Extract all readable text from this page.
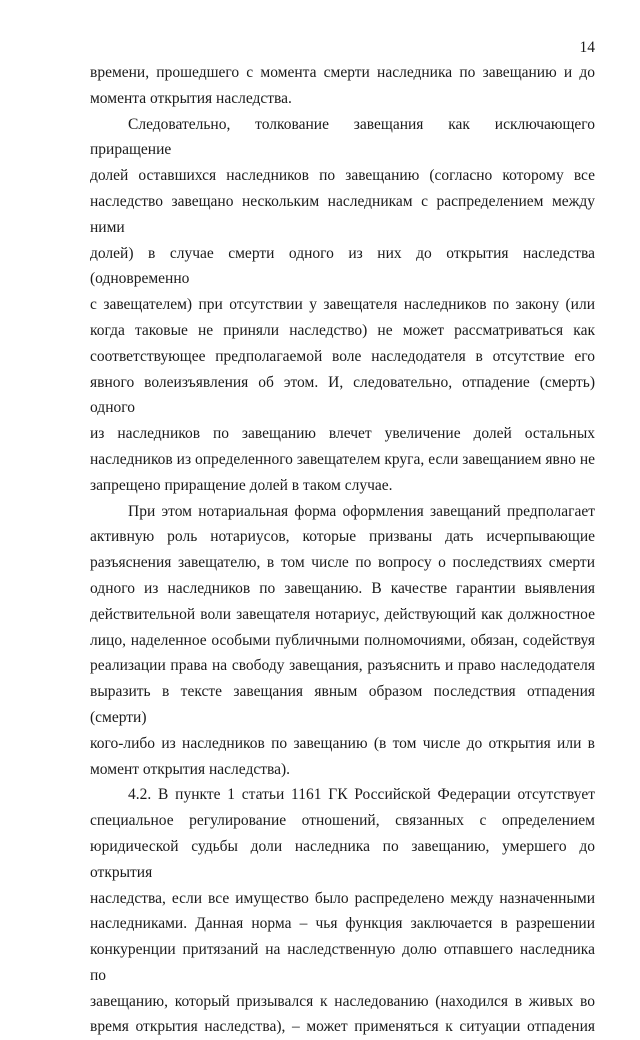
14

времени, прошедшего с момента смерти наследника по завещанию и до
момента открытия наследства.

Следовательно, толкование завещания как исключающего приращение
долей оставшихся наследников по завещанию (согласно которому все
наследство завещано нескольким наследникам с распределением между ними
долей) в случае смерти одного из них до открытия наследства (одновременно
с завещателем) при отсутствии у завещателя наследников по закону (или
когда таковые не приняли наследство) не может рассматриваться как
соответствующее предполагаемой воле наследодателя в отсутствие его
явного волеизъявления об этом. И, следовательно, отпадение (смерть) одного
из наследников по завещанию влечет увеличение долей остальных
наследников из определенного завещателем круга, если завещанием явно не
запрещено приращение долей в таком случае.

При этом нотариальная форма оформления завещаний предполагает
активную роль нотариусов, которые призваны дать исчерпывающие
разъяснения завещателю, в том числе по вопросу о последствиях смерти
одного из наследников по завещанию. В качестве гарантии выявления
действительной воли завещателя нотариус, действующий как должностное
лицо, наделенное особыми публичными полномочиями, обязан, содействуя
реализации права на свободу завещания, разъяснить и право наследодателя
выразить в тексте завещания явным образом последствия отпадения (смерти)
кого-либо из наследников по завещанию (в том числе до открытия или в
момент открытия наследства).

4.2. В пункте 1 статьи 1161 ГК Российской Федерации отсутствует
специальное регулирование отношений, связанных с определением
юридической судьбы доли наследника по завещанию, умершего до открытия
наследства, если все имущество было распределено между назначенными
наследниками. Данная норма – чья функция заключается в разрешении
конкуренции притязаний на наследственную долю отпавшего наследника по
завещанию, который призывался к наследованию (находился в живых во
время открытия наследства), – может применяться к ситуации отпадения
